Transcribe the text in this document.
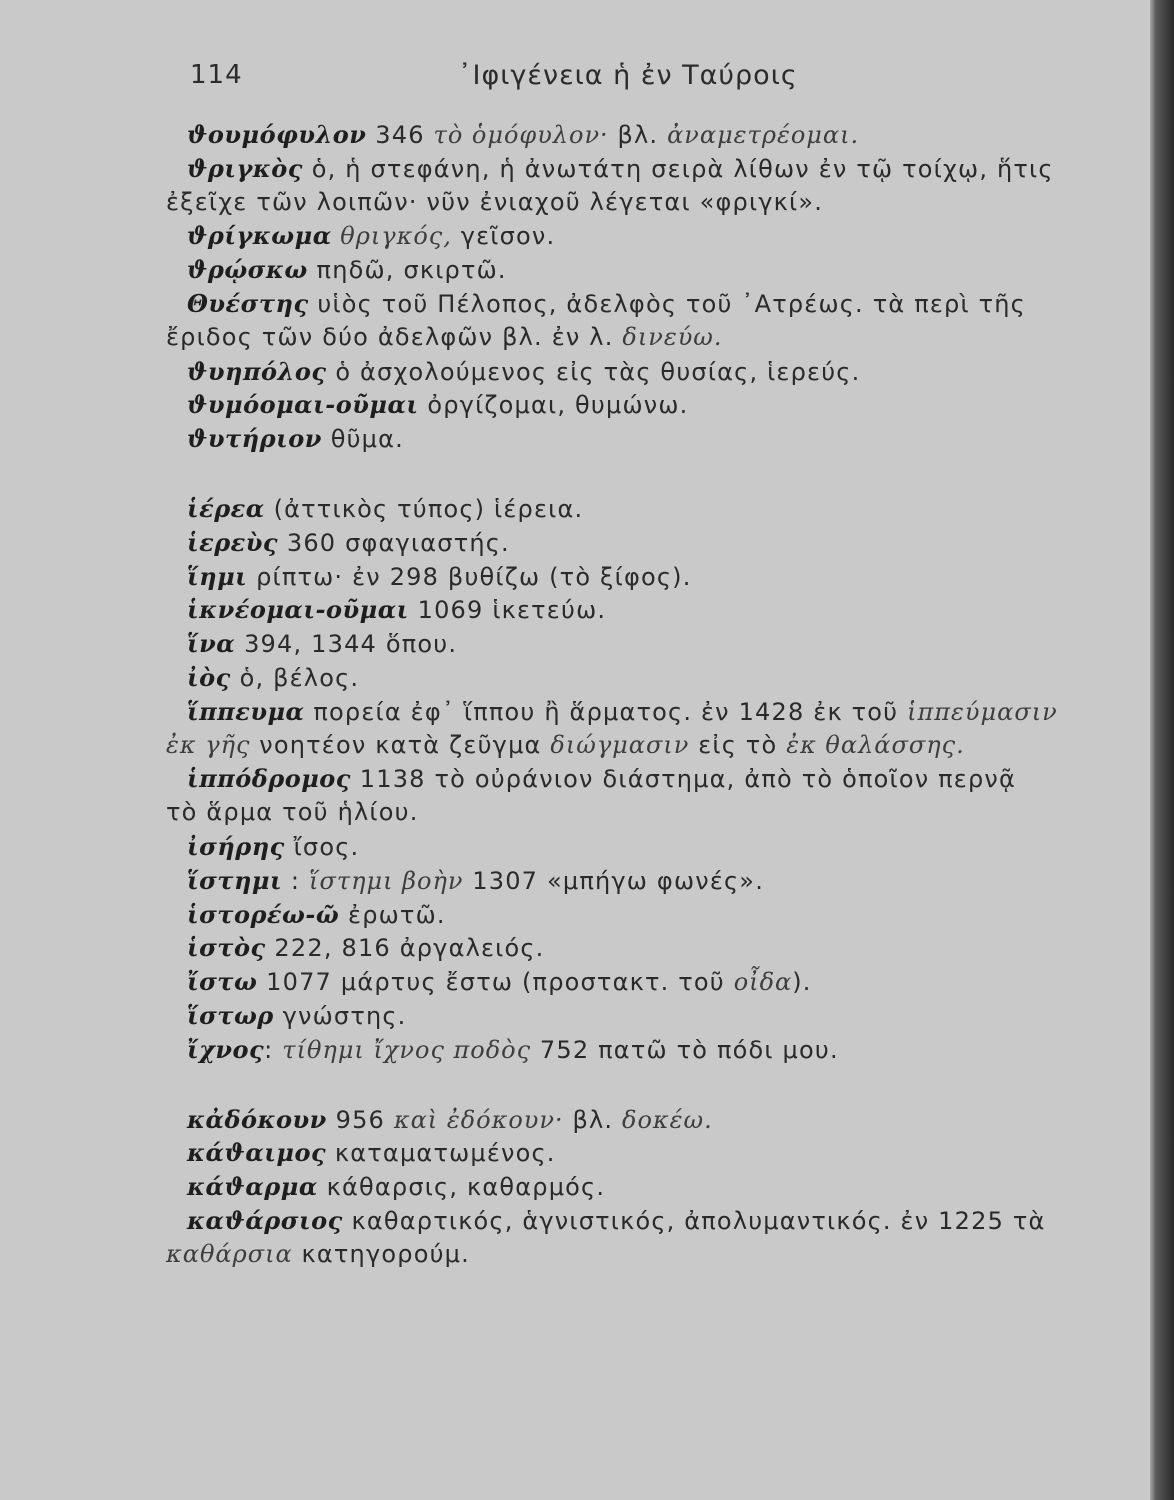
114	᾿Ιφιγένεια ἡ ἐν Ταύροις
ϑουμόφυλον 346 τὸ ὁμόφυλον· βλ. ἀναμετρέομαι.
ϑριγκὸς ὁ, ἡ στεφάνη, ἡ ἀνωτάτη σειρὰ λίθων ἐν τῷ τοίχῳ, ἥτις
ἐξεῖχε τῶν λοιπῶν· νῦν ἐνιαχοῦ λέγεται «φριγκί».
ϑρίγκωμα θριγκός, γεῖσον.
ϑρῴσκω πηδῶ, σκιρτῶ.
Θυέστης υἱὸς τοῦ Πέλοπος, ἀδελφὸς τοῦ ᾿Ατρέως. τὰ περὶ τῆς
ἔριδος τῶν δύο ἀδελφῶν βλ. ἐν λ. δινεύω.
ϑυηπόλος ὁ ἀσχολούμενος εἰς τὰς θυσίας, ἱερεύς.
ϑυμόομαι-οῦμαι ὀργίζομαι, θυμώνω.
ϑυτήριον θῦμα.
ἱέρεα (ἀττικὸς τύπος) ἱέρεια.
ἱερεὺς 360 σφαγιαστής.
ἵημι ρίπτω· ἐν 298 βυθίζω (τὸ ξίφος).
ἱκνέομαι-οῦμαι 1069 ἱκετεύω.
ἵνα 394, 1344 ὅπου.
ἰὸς ὁ, βέλος.
ἵππευμα πορεία ἐφ᾿ ἵππου ἢ ἅρματος. ἐν 1428 ἐκ τοῦ ἱππεύμασιν
ἐκ γῆς νοητέον κατὰ ζεῦγμα διώγμασιν εἰς τὸ ἐκ θαλάσσης.
ἱππόδρομος 1138 τὸ οὐράνιον διάστημα, ἀπὸ τὸ ὁποῖον περνᾷ
τὸ ἅρμα τοῦ ἡλίου.
ἰσήρης ἴσος.
ἵστημι : ἵστημι βοὴν 1307 «μπήγω φωνές».
ἱστορέω-ῶ ἐρωτῶ.
ἱστὸς 222, 816 ἀργαλειός.
ἴστω 1077 μάρτυς ἔστω (προστακτ. τοῦ οἶδα).
ἵστωρ γνώστης.
ἴχνος: τίθημι ἴχνος ποδὸς 752 πατῶ τὸ πόδι μου.
κἀδόκουν 956 καὶ ἐδόκουν· βλ. δοκέω.
κάϑαιμος καταματωμένος.
κάϑαρμα κάθαρσις, καθαρμός.
καϑάρσιος καθαρτικός, ἁγνιστικός, ἀπολυμαντικός. ἐν 1225 τὰ
καθάρσια κατηγορούμ.
